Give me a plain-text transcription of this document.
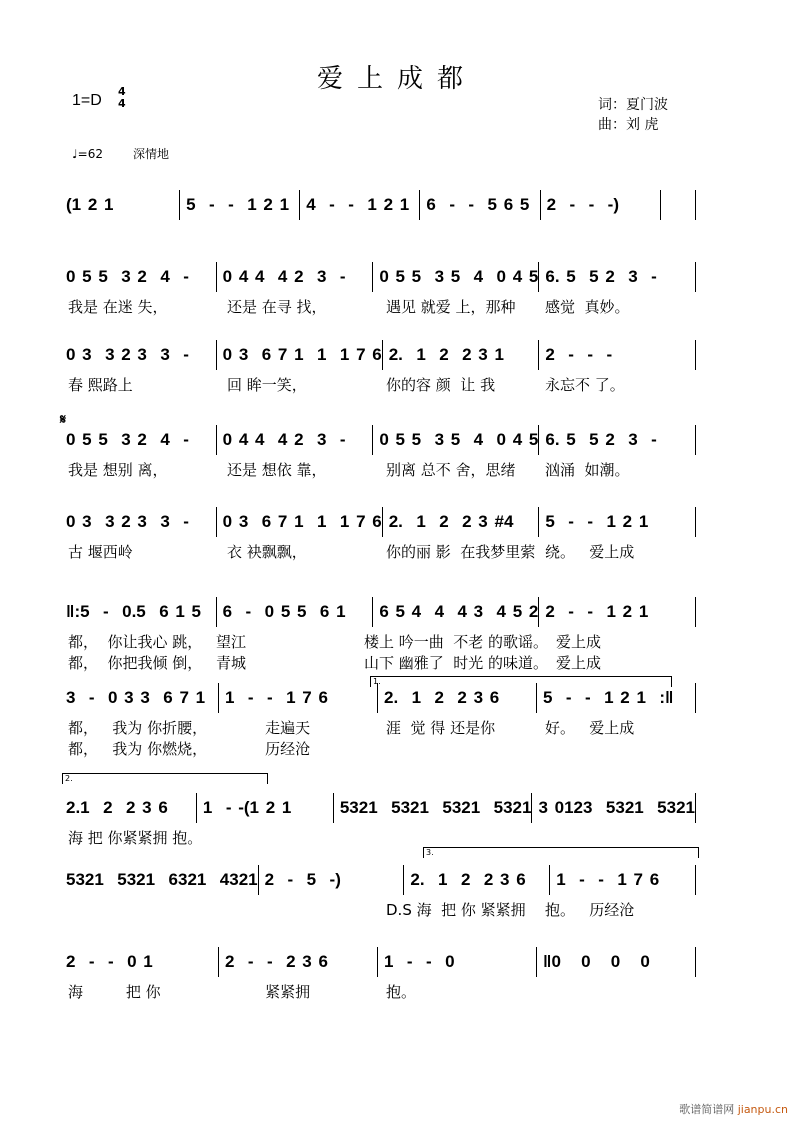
爱上成都
1=D
4
4	词：夏门波
曲：刘 虎
♩=62	深情地
𝄋
1.
2.
3.
歌谱简谱网 jianpu.cn
(1 2 1	5  -  -  1 2 1	4  -  -  1 2 1	6  -  -  5 6 5	2  -  -  -)

0 5 5  3 2  4  -	0 4 4  4 2  3  -	0 5 5  3 5  4  0 4 5 6. 5  5 2  3  -
我是 在迷 失，	还是 在寻 找，	遇见 就爱 上，那种	感觉  真妙。
0 3  3 2 3  3  -	0 3  6 7 1  1  1 7 6 2.  1  2  2 3 1	2  -  -  -
春 熙路上	回 眸一笑，	你的容 颜  让 我	永忘不 了。
0 5 5  3 2  4  -	0 4 4  4 2  3  -	0 5 5  3 5  4  0 4 5 6. 5  5 2  3  -
我是 想别 离，	还是 想依 靠，	别离 总不 舍，思绪	汹涌  如潮。
0 3  3 2 3  3  -	0 3  6 7 1  1  1 7 6 2.  1  2  2 3 #4	5  -  -  1 2 1
古 堰西岭	衣 袂飘飘，	你的丽 影  在我梦里萦 绕。   爱上成
‖:5  -  0.5  6 1 5	6  -  0 5 5  6 1	6 5 4  4  4 3  4 5 2 2  -  -  1 2 1
都，  你让我心 跳， 望江	楼上 吟一曲  不老 的歌谣。 爱上成
都，  你把我倾 倒， 青城	山下 幽雅了  时光 的味道。 爱上成
3  -  0 3 3  6 7 1	1  -  -  1 7 6	2.  1  2  2 3 6	5  -  -  1 2 1  :‖
都，   我为 你折腰，	走遍天	涯  觉 得 还是你	好。   爱上成
都，   我为 你燃烧，	历经沧
2.1  2  2 3 6	1  - -(1 2 1	5321  5321  5321  5321 3 0123  5321  5321
海 把 你紧紧拥 抱。
5321  5321  6321  4321 2  -  5  -)	2.  1  2  2 3 6	1  -  -  1 7 6
D.S 海  把 你 紧紧拥	抱。   历经沧
2  -  -  0 1	2  -  -  2 3 6	1  -  -  0	‖0   0   0   0
海         把 你	紧紧拥	抱。
